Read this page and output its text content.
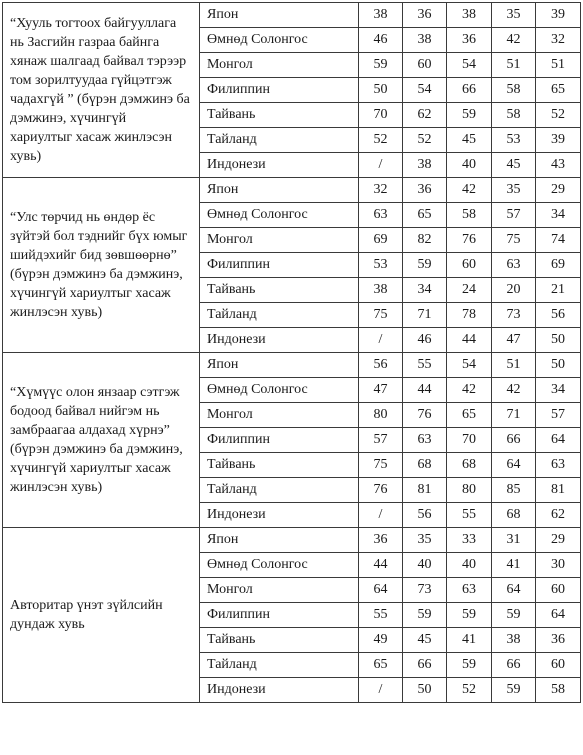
“Хууль тогтоох байгууллага нь Засгийн газраа байнга хянаж шалгаад байвал тэрээр том зорилтуудаа гүйцэтгэж чадахгүй ” (бүрэн дэмжинэ ба дэмжинэ, хүчингүй хариултыг хасаж жинлэсэн хувь)	Япон	38	36	38	35	39
	Өмнөд Солонгос	46	38	36	42	32
	Монгол	59	60	54	51	51
	Филиппин	50	54	66	58	65
	Тайвань	70	62	59	58	52
	Тайланд	52	52	45	53	39
	Индонези	/	38	40	45	43

“Улс төрчид нь өндөр ёс зүйтэй бол тэднийг бүх юмыг шийдэхийг бид зөвшөөрнө” (бүрэн дэмжинэ ба дэмжинэ, хүчингүй хариултыг хасаж жинлэсэн хувь)	Япон	32	36	42	35	29
	Өмнөд Солонгос	63	65	58	57	34
	Монгол	69	82	76	75	74
	Филиппин	53	59	60	63	69
	Тайвань	38	34	24	20	21
	Тайланд	75	71	78	73	56
	Индонези	/	46	44	47	50

“Хүмүүс олон янзаар сэтгэж бодоод байвал нийгэм нь замбраагаа алдахад хүрнэ” (бүрэн дэмжинэ ба дэмжинэ, хүчингүй хариултыг хасаж жинлэсэн хувь)	Япон	56	55	54	51	50
	Өмнөд Солонгос	47	44	42	42	34
	Монгол	80	76	65	71	57
	Филиппин	57	63	70	66	64
	Тайвань	75	68	68	64	63
	Тайланд	76	81	80	85	81
	Индонези	/	56	55	68	62

Авторитар үнэт зүйлсийн дундаж хувь	Япон	36	35	33	31	29
	Өмнөд Солонгос	44	40	40	41	30
	Монгол	64	73	63	64	60
	Филиппин	55	59	59	59	64
	Тайвань	49	45	41	38	36
	Тайланд	65	66	59	66	60
	Индонези	/	50	52	59	58
